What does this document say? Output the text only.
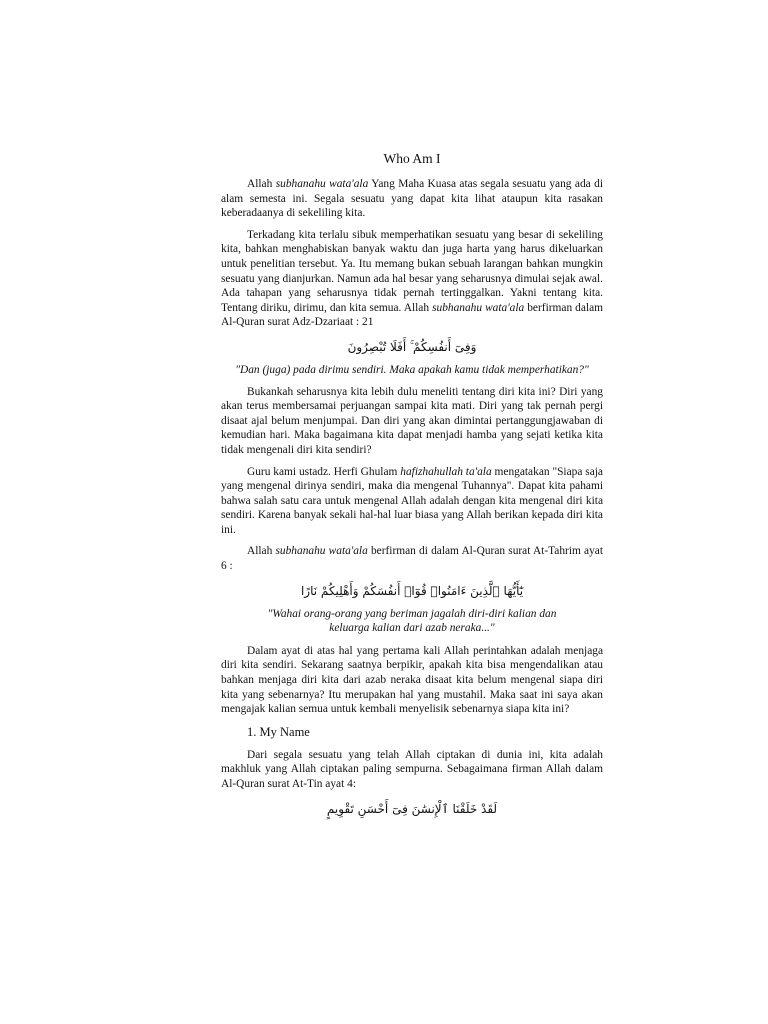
Who Am I

Allah subhanahu wata'ala Yang Maha Kuasa atas segala sesuatu yang ada di alam semesta ini. Segala sesuatu yang dapat kita lihat ataupun kita rasakan keberadaanya di sekeliling kita.

Terkadang kita terlalu sibuk memperhatikan sesuatu yang besar di sekeliling kita, bahkan menghabiskan banyak waktu dan juga harta yang harus dikeluarkan untuk penelitian tersebut. Ya. Itu memang bukan sebuah larangan bahkan mungkin sesuatu yang dianjurkan. Namun ada hal besar yang seharusnya dimulai sejak awal. Ada tahapan yang seharusnya tidak pernah tertinggalkan. Yakni tentang kita. Tentang diriku, dirimu, dan kita semua. Allah subhanahu wata'ala berfirman dalam Al-Quran surat Adz-Dzariaat : 21

وَفِىٓ أَنفُسِكُمْ ۚ أَفَلَا تُبْصِرُونَ
"Dan (juga) pada dirimu sendiri. Maka apakah kamu tidak memperhatikan?"

Bukankah seharusnya kita lebih dulu meneliti tentang diri kita ini? Diri yang akan terus membersamai perjuangan sampai kita mati. Diri yang tak pernah pergi disaat ajal belum menjumpai. Dan diri yang akan dimintai pertanggungjawaban di kemudian hari. Maka bagaimana kita dapat menjadi hamba yang sejati ketika kita tidak mengenali diri kita sendiri?

Guru kami ustadz. Herfi Ghulam hafizhahullah ta'ala mengatakan "Siapa saja yang mengenal dirinya sendiri, maka dia mengenal Tuhannya". Dapat kita pahami bahwa salah satu cara untuk mengenal Allah adalah dengan kita mengenal diri kita sendiri. Karena banyak sekali hal-hal luar biasa yang Allah berikan kepada diri kita ini.

Allah subhanahu wata'ala berfirman di dalam Al-Quran surat At-Tahrim ayat 6 :

يَٰٓأَيُّهَا ٱلَّذِينَ ءَامَنُوا۟ قُوٓا۟ أَنفُسَكُمْ وَأَهْلِيكُمْ نَارًا
"Wahai orang-orang yang beriman jagalah diri-diri kalian dan keluarga kalian dari azab neraka..."

Dalam ayat di atas hal yang pertama kali Allah perintahkan adalah menjaga diri kita sendiri. Sekarang saatnya berpikir, apakah kita bisa mengendalikan atau bahkan menjaga diri kita dari azab neraka disaat kita belum mengenal siapa diri kita yang sebenarnya? Itu merupakan hal yang mustahil. Maka saat ini saya akan mengajak kalian semua untuk kembali menyelisik sebenarnya siapa kita ini?

1. My Name

Dari segala sesuatu yang telah Allah ciptakan di dunia ini, kita adalah makhluk yang Allah ciptakan paling sempurna. Sebagaimana firman Allah dalam Al-Quran surat At-Tin ayat 4:

لَقَدْ خَلَقْنَا ٱلْإِنسَٰنَ فِىٓ أَحْسَنِ تَقْوِيمٍ
